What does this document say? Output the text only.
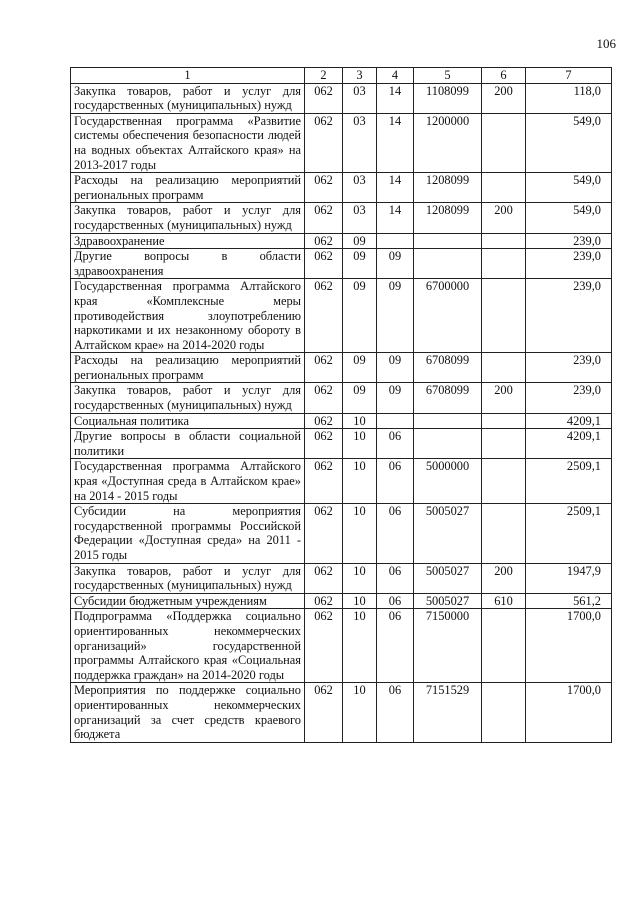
106
1	2	3	4	5	6	7
Закупка товаров, работ и услуг для государственных (муниципальных) нужд	062	03	14	1108099	200	118,0
Государственная программа «Развитие системы обеспечения безопасности людей на водных объектах Алтайского края» на 2013-2017 годы	062	03	14	1200000		549,0
Расходы на реализацию мероприятий региональных программ	062	03	14	1208099		549,0
Закупка товаров, работ и услуг для государственных (муниципальных) нужд	062	03	14	1208099	200	549,0
Здравоохранение	062	09				239,0
Другие вопросы в области здравоохранения	062	09	09			239,0
Государственная программа Алтайского края «Комплексные меры противодействия злоупотреблению наркотиками и их незаконному обороту в Алтайском крае» на 2014-2020 годы	062	09	09	6700000		239,0
Расходы на реализацию мероприятий региональных программ	062	09	09	6708099		239,0
Закупка товаров, работ и услуг для государственных (муниципальных) нужд	062	09	09	6708099	200	239,0
Социальная политика	062	10				4209,1
Другие вопросы в области социальной политики	062	10	06			4209,1
Государственная программа Алтайского края «Доступная среда в Алтайском крае» на 2014 - 2015 годы	062	10	06	5000000		2509,1
Субсидии на мероприятия государственной программы Российской Федерации «Доступная среда» на 2011 - 2015 годы	062	10	06	5005027		2509,1
Закупка товаров, работ и услуг для государственных (муниципальных) нужд	062	10	06	5005027	200	1947,9
Субсидии бюджетным учреждениям	062	10	06	5005027	610	561,2
Подпрограмма «Поддержка социально ориентированных некоммерческих организаций» государственной программы Алтайского края «Социальная поддержка граждан» на 2014-2020 годы	062	10	06	7150000		1700,0
Мероприятия по поддержке социально ориентированных некоммерческих организаций за счет средств краевого бюджета	062	10	06	7151529		1700,0
